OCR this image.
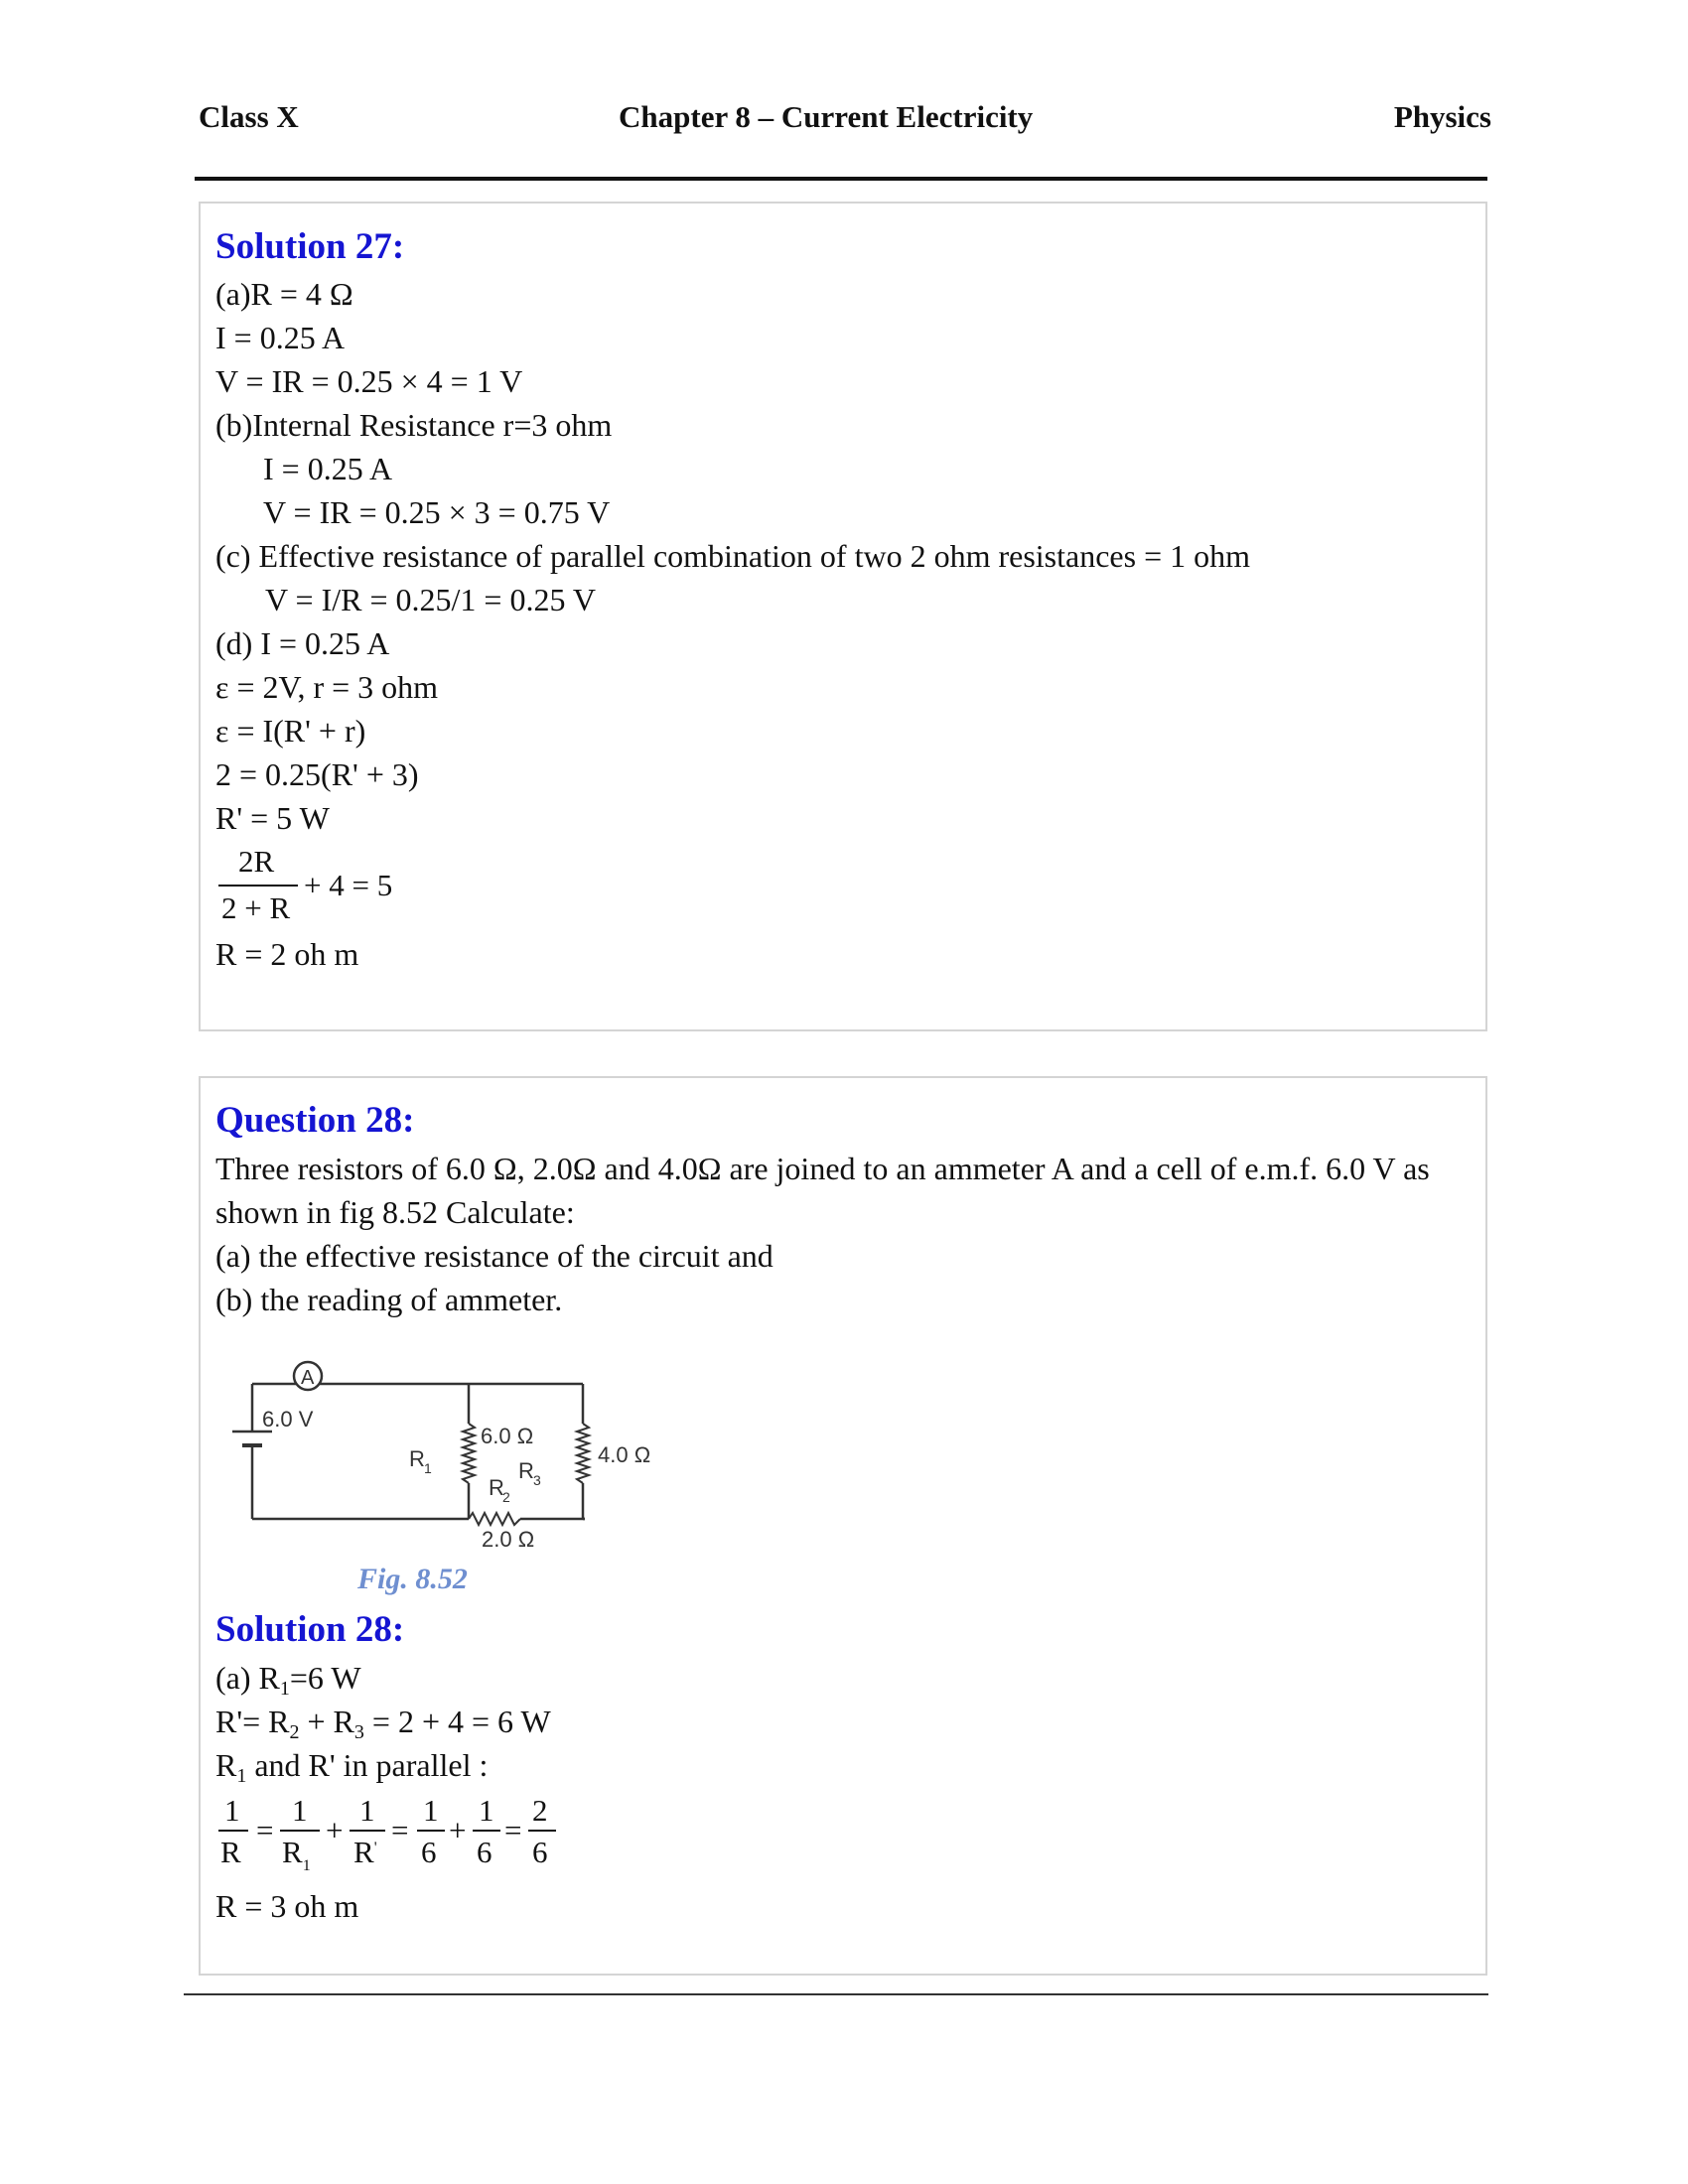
Class X	Chapter 8 – Current Electricity	Physics
Solution 27:
(a)R = 4 Ω
I = 0.25 A
V = IR = 0.25 × 4 = 1 V
(b)Internal Resistance r=3 ohm
I = 0.25 A
V = IR = 0.25 × 3 = 0.75 V
(c) Effective resistance of parallel combination of two 2 ohm resistances = 1 ohm
V = I/R = 0.25/1 = 0.25 V
(d) I = 0.25 A
ε = 2V, r = 3 ohm
ε = I(R' + r)
2 = 0.25(R' + 3)
R' = 5 W
2R
2 + R
+ 4 = 5
R = 2 oh m
Question 28:
Three resistors of 6.0 Ω, 2.0Ω and 4.0Ω are joined to an ammeter A and a cell of e.m.f. 6.0 V as
shown in fig 8.52 Calculate:
(a) the effective resistance of the circuit and
(b) the reading of ammeter.
A
6.0 V
R 1
6.0 Ω
R 3
4.0 Ω
R
2
2.0 Ω
Fig. 8.52
Solution 28:
(a) R1=6 W
R'= R2 + R3 = 2 + 4 = 6 W
R1 and R' in parallel :
1
R
=
1
$R_1$
+
1
R'
=
1
6
+
1
6
=
2
6
R = 3 oh m
